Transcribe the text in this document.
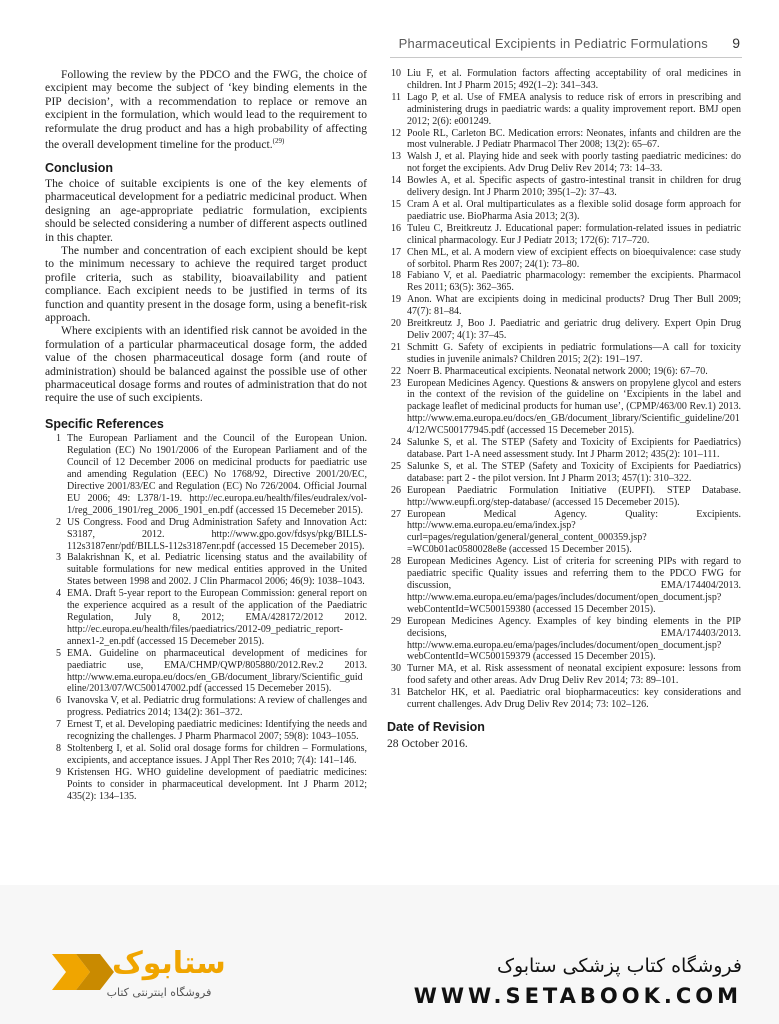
Pharmaceutical Excipients in Pediatric Formulations 9

Following the review by the PDCO and the FWG, the choice of excipient may become the subject of ‘key binding elements in the PIP decision’, with a recommendation to replace or remove an excipient in the formulation, which would lead to the requirement to reformulate the drug product and has a high probability of affecting the overall development timeline for the product.$^{(29)}$

Conclusion

The choice of suitable excipients is one of the key elements of pharmaceutical development for a pediatric medicinal product. When designing an age-appropriate pediatric formulation, excipients should be selected considering a number of different aspects outlined in this chapter.

The number and concentration of each excipient should be kept to the minimum necessary to achieve the required target product profile criteria, such as stability, bioavailability and patient compliance. Each excipient needs to be justified in terms of its function and quantity present in the dosage form, using a benefit-risk approach.

Where excipients with an identified risk cannot be avoided in the formulation of a particular pharmaceutical dosage form, the added value of the chosen pharmaceutical dosage form (and route of administration) should be balanced against the possible use of other pharmaceutical dosage forms and routes of administration that do not require the use of such excipients.

Specific References
1 The European Parliament and the Council of the European Union. Regulation (EC) No 1901/2006 of the European Parliament and of the Council of 12 December 2006 on medicinal products for paediatric use and amending Regulation (EEC) No 1768/92, Directive 2001/20/EC, Directive 2001/83/EC and Regulation (EC) No 726/2004. Official Journal EU 2006; 49: L378/1-19. http://ec.europa.eu/health/files/eudralex/vol-1/reg_2006_1901/reg_2006_1901_en.pdf (accessed 15 Decemeber 2015).
2 US Congress. Food and Drug Administration Safety and Innovation Act: S3187, 2012. http://www.gpo.gov/fdsys/pkg/BILLS-112s3187enr/pdf/BILLS-112s3187enr.pdf (accessed 15 Decemeber 2015).
3 Balakrishnan K, et al. Pediatric licensing status and the availability of suitable formulations for new medical entities approved in the United States between 1998 and 2002. J Clin Pharmacol 2006; 46(9): 1038–1043.
4 EMA. Draft 5-year report to the European Commission: general report on the experience acquired as a result of the application of the Paediatric Regulation, July 8, 2012; EMA/428172/2012 2012. http://ec.europa.eu/health/files/paediatrics/2012-09_pediatric_report-annex1-2_en.pdf (accessed 15 Decemeber 2015).
5 EMA. Guideline on pharmaceutical development of medicines for paediatric use, EMA/CHMP/QWP/805880/2012.Rev.2 2013. http://www.ema.europa.eu/docs/en_GB/document_library/Scientific_guideline/2013/07/WC500147002.pdf (accessed 15 Decemeber 2015).
6 Ivanovska V, et al. Pediatric drug formulations: A review of challenges and progress. Pediatrics 2014; 134(2): 361–372.
7 Ernest T, et al. Developing paediatric medicines: Identifying the needs and recognizing the challenges. J Pharm Pharmacol 2007; 59(8): 1043–1055.
8 Stoltenberg I, et al. Solid oral dosage forms for children – Formulations, excipients, and acceptance issues. J Appl Ther Res 2010; 7(4): 141–146.
9 Kristensen HG. WHO guideline development of paediatric medicines: Points to consider in pharmaceutical development. Int J Pharm 2012; 435(2): 134–135.
10 Liu F, et al. Formulation factors affecting acceptability of oral medicines in children. Int J Pharm 2015; 492(1–2): 341–343.
11 Lago P, et al. Use of FMEA analysis to reduce risk of errors in prescribing and administering drugs in paediatric wards: a quality improvement report. BMJ open 2012; 2(6): e001249.
12 Poole RL, Carleton BC. Medication errors: Neonates, infants and children are the most vulnerable. J Pediatr Pharmacol Ther 2008; 13(2): 65–67.
13 Walsh J, et al. Playing hide and seek with poorly tasting paediatric medicines: do not forget the excipients. Adv Drug Deliv Rev 2014; 73: 14–33.
14 Bowles A, et al. Specific aspects of gastro-intestinal transit in children for drug delivery design. Int J Pharm 2010; 395(1–2): 37–43.
15 Cram A et al. Oral multiparticulates as a flexible solid dosage form approach for paediatric use. BioPharma Asia 2013; 2(3).
16 Tuleu C, Breitkreutz J. Educational paper: formulation-related issues in pediatric clinical pharmacology. Eur J Pediatr 2013; 172(6): 717–720.
17 Chen ML, et al. A modern view of excipient effects on bioequivalence: case study of sorbitol. Pharm Res 2007; 24(1): 73–80.
18 Fabiano V, et al. Paediatric pharmacology: remember the excipients. Pharmacol Res 2011; 63(5): 362–365.
19 Anon. What are excipients doing in medicinal products? Drug Ther Bull 2009; 47(7): 81–84.
20 Breitkreutz J, Boo J. Paediatric and geriatric drug delivery. Expert Opin Drug Deliv 2007; 4(1): 37–45.
21 Schmitt G. Safety of excipients in pediatric formulations—A call for toxicity studies in juvenile animals? Children 2015; 2(2): 191–197.
22 Noerr B. Pharmaceutical excipients. Neonatal network 2000; 19(6): 67–70.
23 European Medicines Agency. Questions & answers on propylene glycol and esters in the context of the revision of the guideline on ‘Excipients in the label and package leaflet of medicinal products for human use’, (CPMP/463/00 Rev.1) 2013. http://www.ema.europa.eu/docs/en_GB/document_library/Scientific_guideline/2014/12/WC500177945.pdf (accessed 15 Decemeber 2015).
24 Salunke S, et al. The STEP (Safety and Toxicity of Excipients for Paediatrics) database. Part 1-A need assessment study. Int J Pharm 2012; 435(2): 101–111.
25 Salunke S, et al. The STEP (Safety and Toxicity of Excipients for Paediatrics) database: part 2 - the pilot version. Int J Pharm 2013; 457(1): 310–322.
26 European Paediatric Formulation Initiative (EUPFI). STEP Database. http://www.eupfi.org/step-database/ (accessed 15 Decemeber 2015).
27 European Medical Agency. Quality: Excipients. http://www.ema.europa.eu/ema/index.jsp?curl=pages/regulation/general/general_content_000359.jsp?=WC0b01ac0580028e8e (accessed 15 December 2015).
28 European Medicines Agency. List of criteria for screening PIPs with regard to paediatric specific Quality issues and referring them to the PDCO FWG for discussion, EMA/174404/2013. http://www.ema.europa.eu/ema/pages/includes/document/open_document.jsp?webContentId=WC500159380 (accessed 15 December 2015).
29 European Medicines Agency. Examples of key binding elements in the PIP decisions, EMA/174403/2013. http://www.ema.europa.eu/ema/pages/includes/document/open_document.jsp?webContentId=WC500159379 (accessed 15 December 2015).
30 Turner MA, et al. Risk assessment of neonatal excipient exposure: lessons from food safety and other areas. Adv Drug Deliv Rev 2014; 73: 89–101.
31 Batchelor HK, et al. Paediatric oral biopharmaceutics: key considerations and current challenges. Adv Drug Deliv Rev 2014; 73: 102–126.
Date of Revision

28 October 2016.

ستابوک
فروشگاه اینترنتی کتاب
فروشگاه کتاب پزشکی ستابوک
WWW.SETABOOK.COM
